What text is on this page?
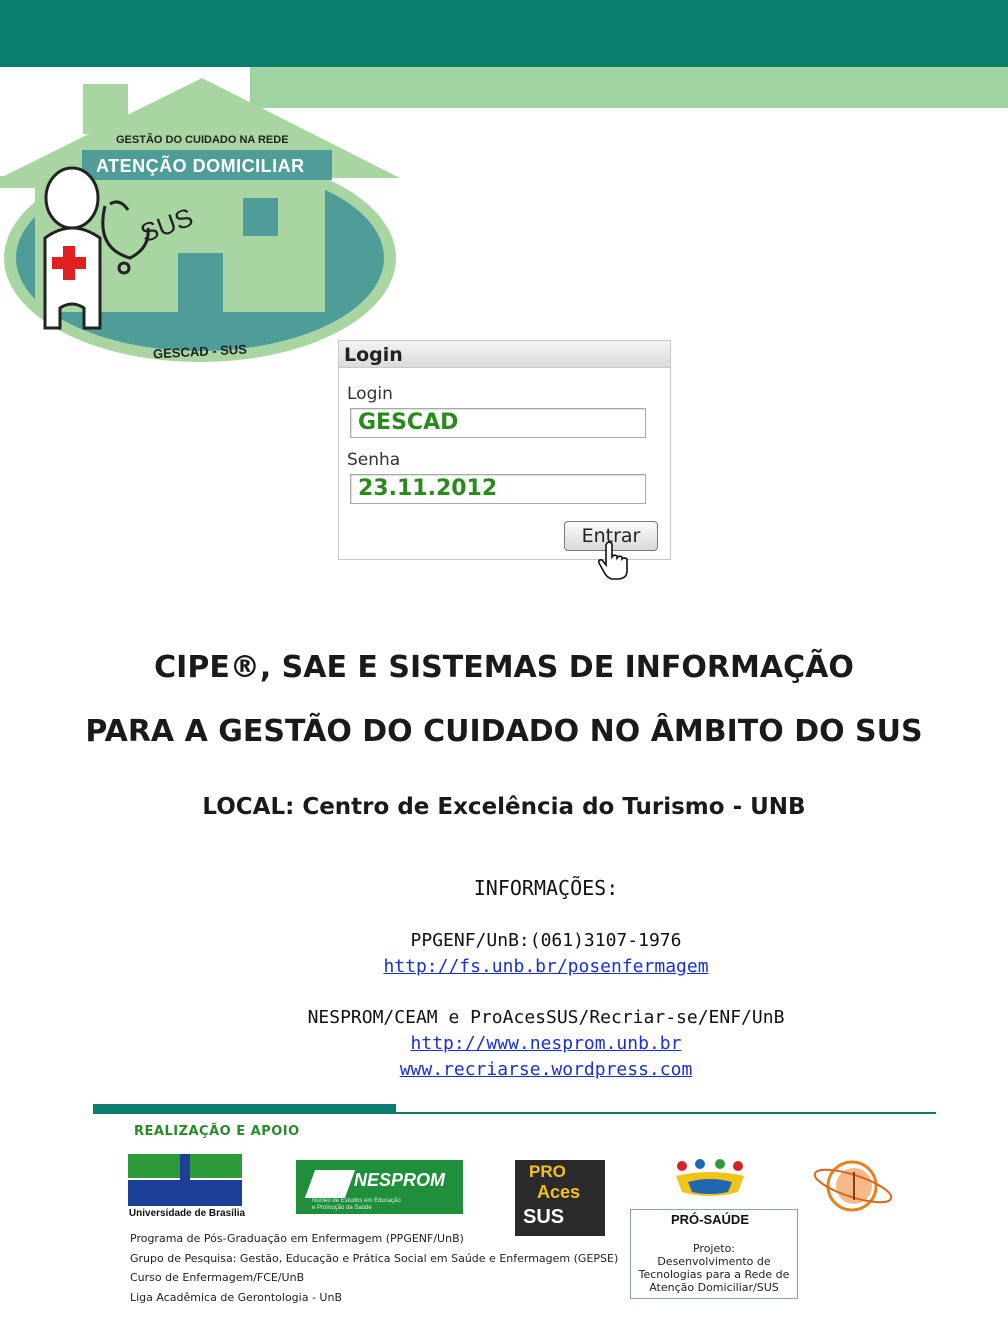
GESTÃO DO CUIDADO NA REDE
ATENÇÃO DOMICILIAR
SUS
GESCAD - SUS	Login
Login
GESCAD
Senha
23.11.2012
Entrar
CIPE®, SAE E SISTEMAS DE INFORMAÇÃO
PARA A GESTÃO DO CUIDADO NO ÂMBITO DO SUS
LOCAL: Centro de Excelência do Turismo - UNB
INFORMAÇÕES:
PPGENF/UnB:(061)3107-1976
http://fs.unb.br/posenfermagem
NESPROM/CEAM e ProAcesSUS/Recriar-se/ENF/UnB
http://www.nesprom.unb.br
www.recriarse.wordpress.com
REALIZAÇÃO E APOIO
Universidade de Brasília
NESPROM
Núcleo de Estudos em Educação
e Promoção da Saúde
PRO
Aces
SUS	PRÓ-SAÚDE
Programa de Pós-Graduação em Enfermagem (PPGENF/UnB)
Grupo de Pesquisa: Gestão, Educação e Prática Social em Saúde e Enfermagem (GEPSE)
Curso de Enfermagem/FCE/UnB
Liga Acadêmica de Gerontologia - UnB
Projeto:
Desenvolvimento de
Tecnologias para a Rede de
Atenção Domiciliar/SUS
